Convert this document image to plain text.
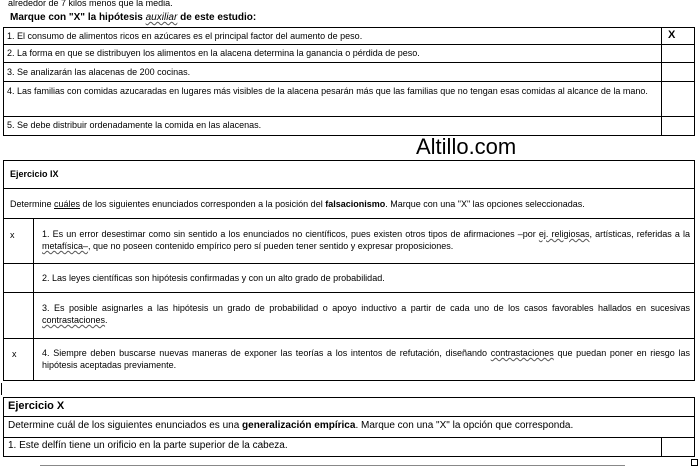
alrededor de 7 kilos menos que la media.
Marque con "X" la hipótesis auxiliar de este estudio:
1. El consumo de alimentos ricos en azúcares es el principal factor del aumento de peso.	X
2. La forma en que se distribuyen los alimentos en la alacena determina la ganancia o pérdida de peso.
3. Se analizarán las alacenas de 200 cocinas.
4. Las familias con comidas azucaradas en lugares más visibles de la alacena pesarán más que las familias que no tengan esas comidas al alcance de la mano.
5. Se debe distribuir ordenadamente la comida en las alacenas.
Altillo.com
Ejercicio IX
Determine cuáles de los siguientes enunciados corresponden a la posición del falsacionismo. Marque con una "X" las opciones seleccionadas.
x	1. Es un error desestimar como sin sentido a los enunciados no científicos, pues existen otros tipos de afirmaciones –por ej. religiosas, artísticas, referidas a la metafísica–, que no poseen contenido empírico pero sí pueden tener sentido y expresar proposiciones.
2. Las leyes científicas son hipótesis confirmadas y con un alto grado de probabilidad.
3. Es posible asignarles a las hipótesis un grado de probabilidad o apoyo inductivo a partir de cada uno de los casos favorables hallados en sucesivas contrastaciones.
x	4. Siempre deben buscarse nuevas maneras de exponer las teorías a los intentos de refutación, diseñando contrastaciones que puedan poner en riesgo las hipótesis aceptadas previamente.
Ejercicio X
Determine cuál de los siguientes enunciados es una generalización empírica. Marque con una "X" la opción que corresponda.
1. Este delfín tiene un orificio en la parte superior de la cabeza.
